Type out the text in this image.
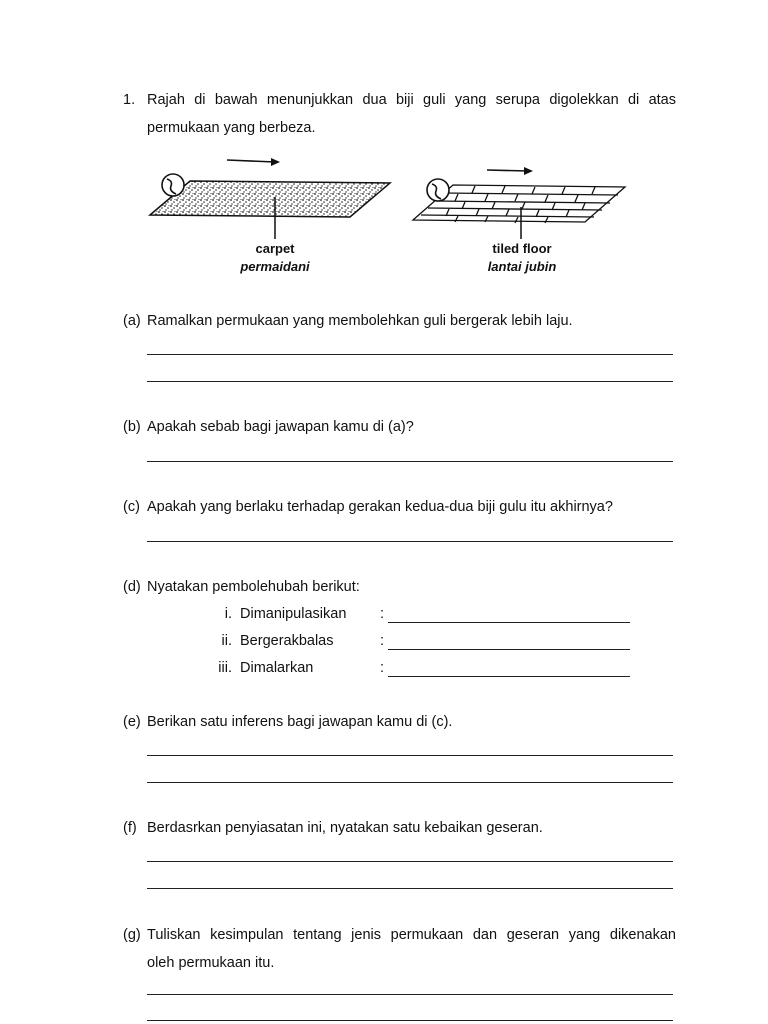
1. Rajah di bawah menunjukkan dua biji guli yang serupa digolekkan di atas
permukaan yang berbeza.
carpet
permaidani
tiled floor
lantai jubin
(a) Ramalkan permukaan yang membolehkan guli bergerak lebih laju.
(b) Apakah sebab bagi jawapan kamu di (a)?
(c) Apakah yang berlaku terhadap gerakan kedua-dua biji gulu itu akhirnya?
(d) Nyatakan pembolehubah berikut:
i. Dimanipulasikan :
ii. Bergerakbalas	:
iii. Dimalarkan	:
(e) Berikan satu inferens bagi jawapan kamu di (c).
(f) Berdasrkan penyiasatan ini, nyatakan satu kebaikan geseran.
(g) Tuliskan kesimpulan tentang jenis permukaan dan geseran yang dikenakan
oleh permukaan itu.
